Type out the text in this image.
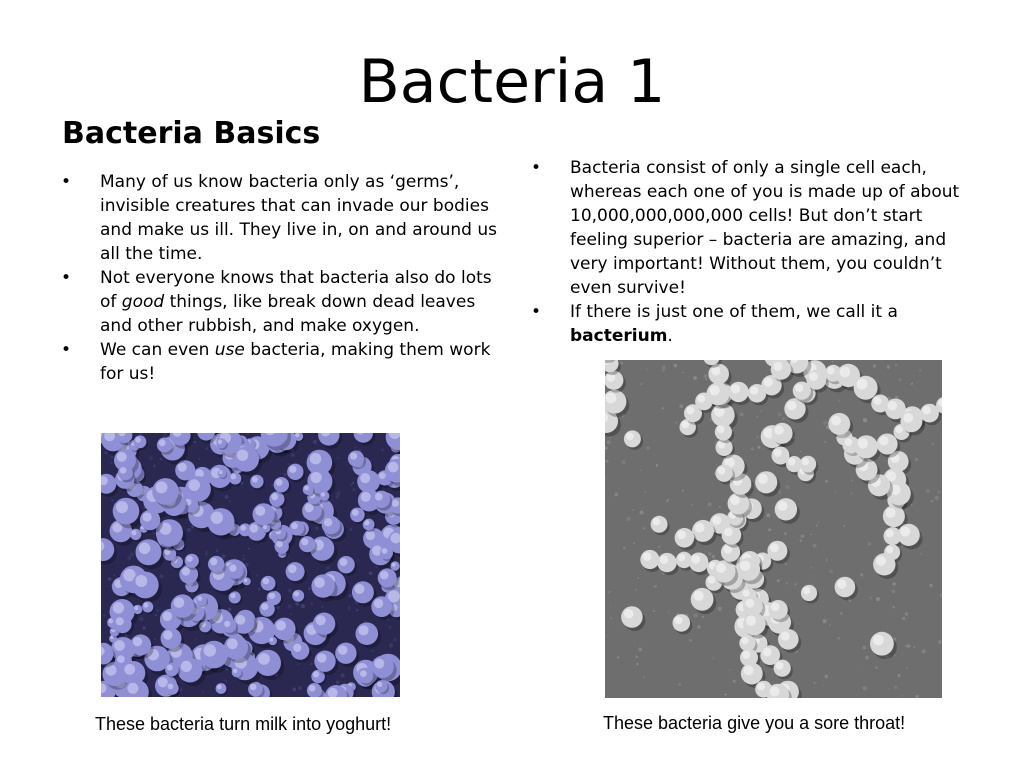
Bacteria 1
Bacteria Basics
• Many of us know bacteria only as ‘germs’, invisible creatures that can invade our bodies and make us ill. They live in, on and around us all the time.
• Not everyone knows that bacteria also do lots of good things, like break down dead leaves and other rubbish, and make oxygen.
• We can even use bacteria, making them work for us!
• Bacteria consist of only a single cell each, whereas each one of you is made up of about 10,000,000,000,000 cells! But don’t start feeling superior – bacteria are amazing, and very important! Without them, you couldn’t even survive!
• If there is just one of them, we call it a bacterium.
These bacteria turn milk into yoghurt!	These bacteria give you a sore throat!
